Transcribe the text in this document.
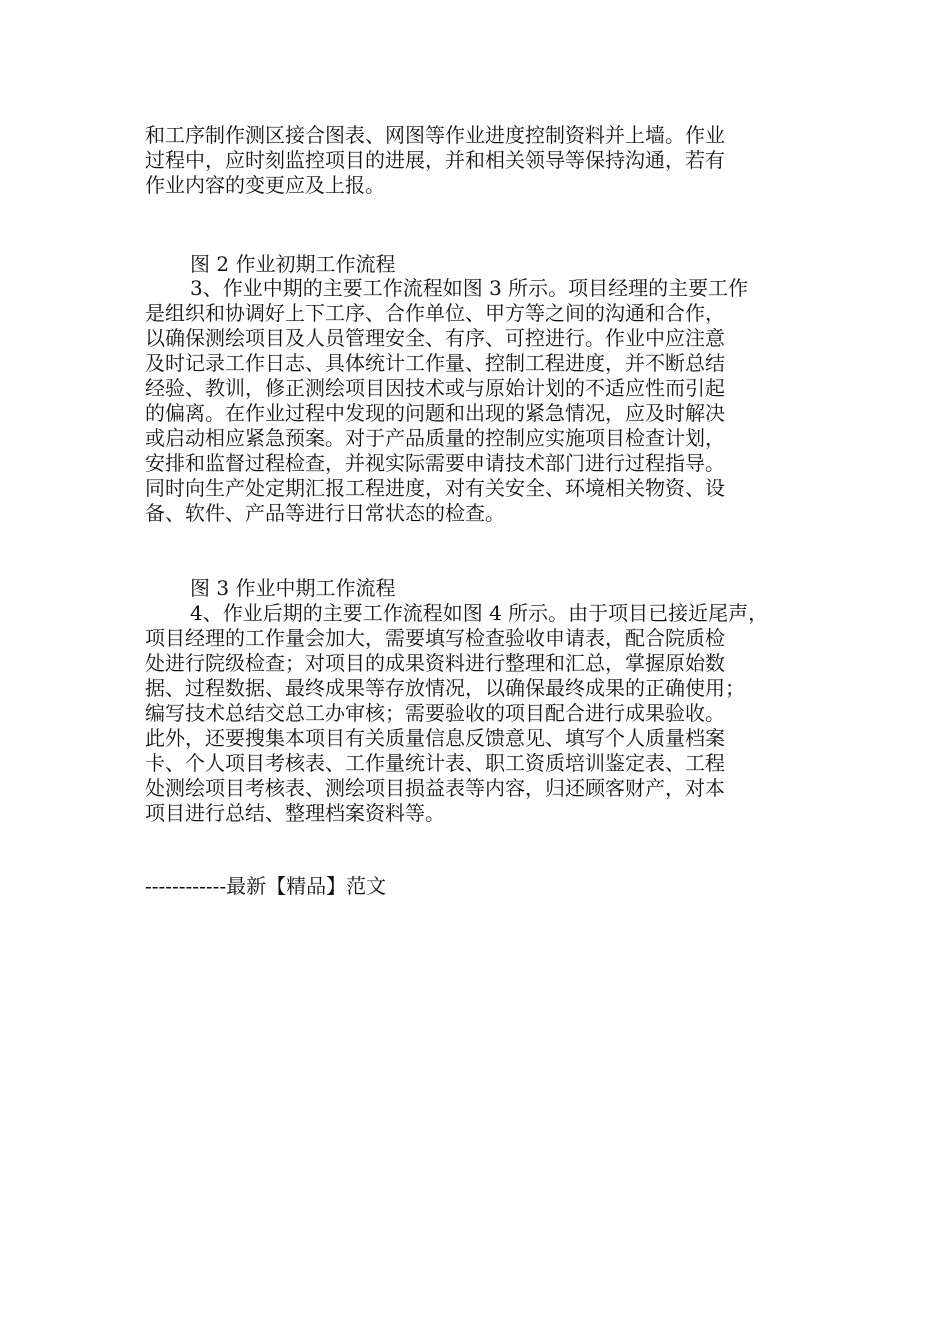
和工序制作测区接合图表、网图等作业进度控制资料并上墙。作业
过程中，应时刻监控项目的进展，并和相关领导等保持沟通，若有
作业内容的变更应及上报。
图 2 作业初期工作流程
3、作业中期的主要工作流程如图 3 所示。项目经理的主要工作
是组织和协调好上下工序、合作单位、甲方等之间的沟通和合作，
以确保测绘项目及人员管理安全、有序、可控进行。作业中应注意
及时记录工作日志、具体统计工作量、控制工程进度，并不断总结
经验、教训，修正测绘项目因技术或与原始计划的不适应性而引起
的偏离。在作业过程中发现的问题和出现的紧急情况，应及时解决
或启动相应紧急预案。对于产品质量的控制应实施项目检查计划，
安排和监督过程检查，并视实际需要申请技术部门进行过程指导。
同时向生产处定期汇报工程进度，对有关安全、环境相关物资、设
备、软件、产品等进行日常状态的检查。
图 3 作业中期工作流程
4、作业后期的主要工作流程如图 4 所示。由于项目已接近尾声，
项目经理的工作量会加大，需要填写检查验收申请表，配合院质检
处进行院级检查；对项目的成果资料进行整理和汇总，掌握原始数
据、过程数据、最终成果等存放情况，以确保最终成果的正确使用；
编写技术总结交总工办审核；需要验收的项目配合进行成果验收。
此外，还要搜集本项目有关质量信息反馈意见、填写个人质量档案
卡、个人项目考核表、工作量统计表、职工资质培训鉴定表、工程
处测绘项目考核表、测绘项目损益表等内容，归还顾客财产，对本
项目进行总结、整理档案资料等。
------------最新【精品】范文
